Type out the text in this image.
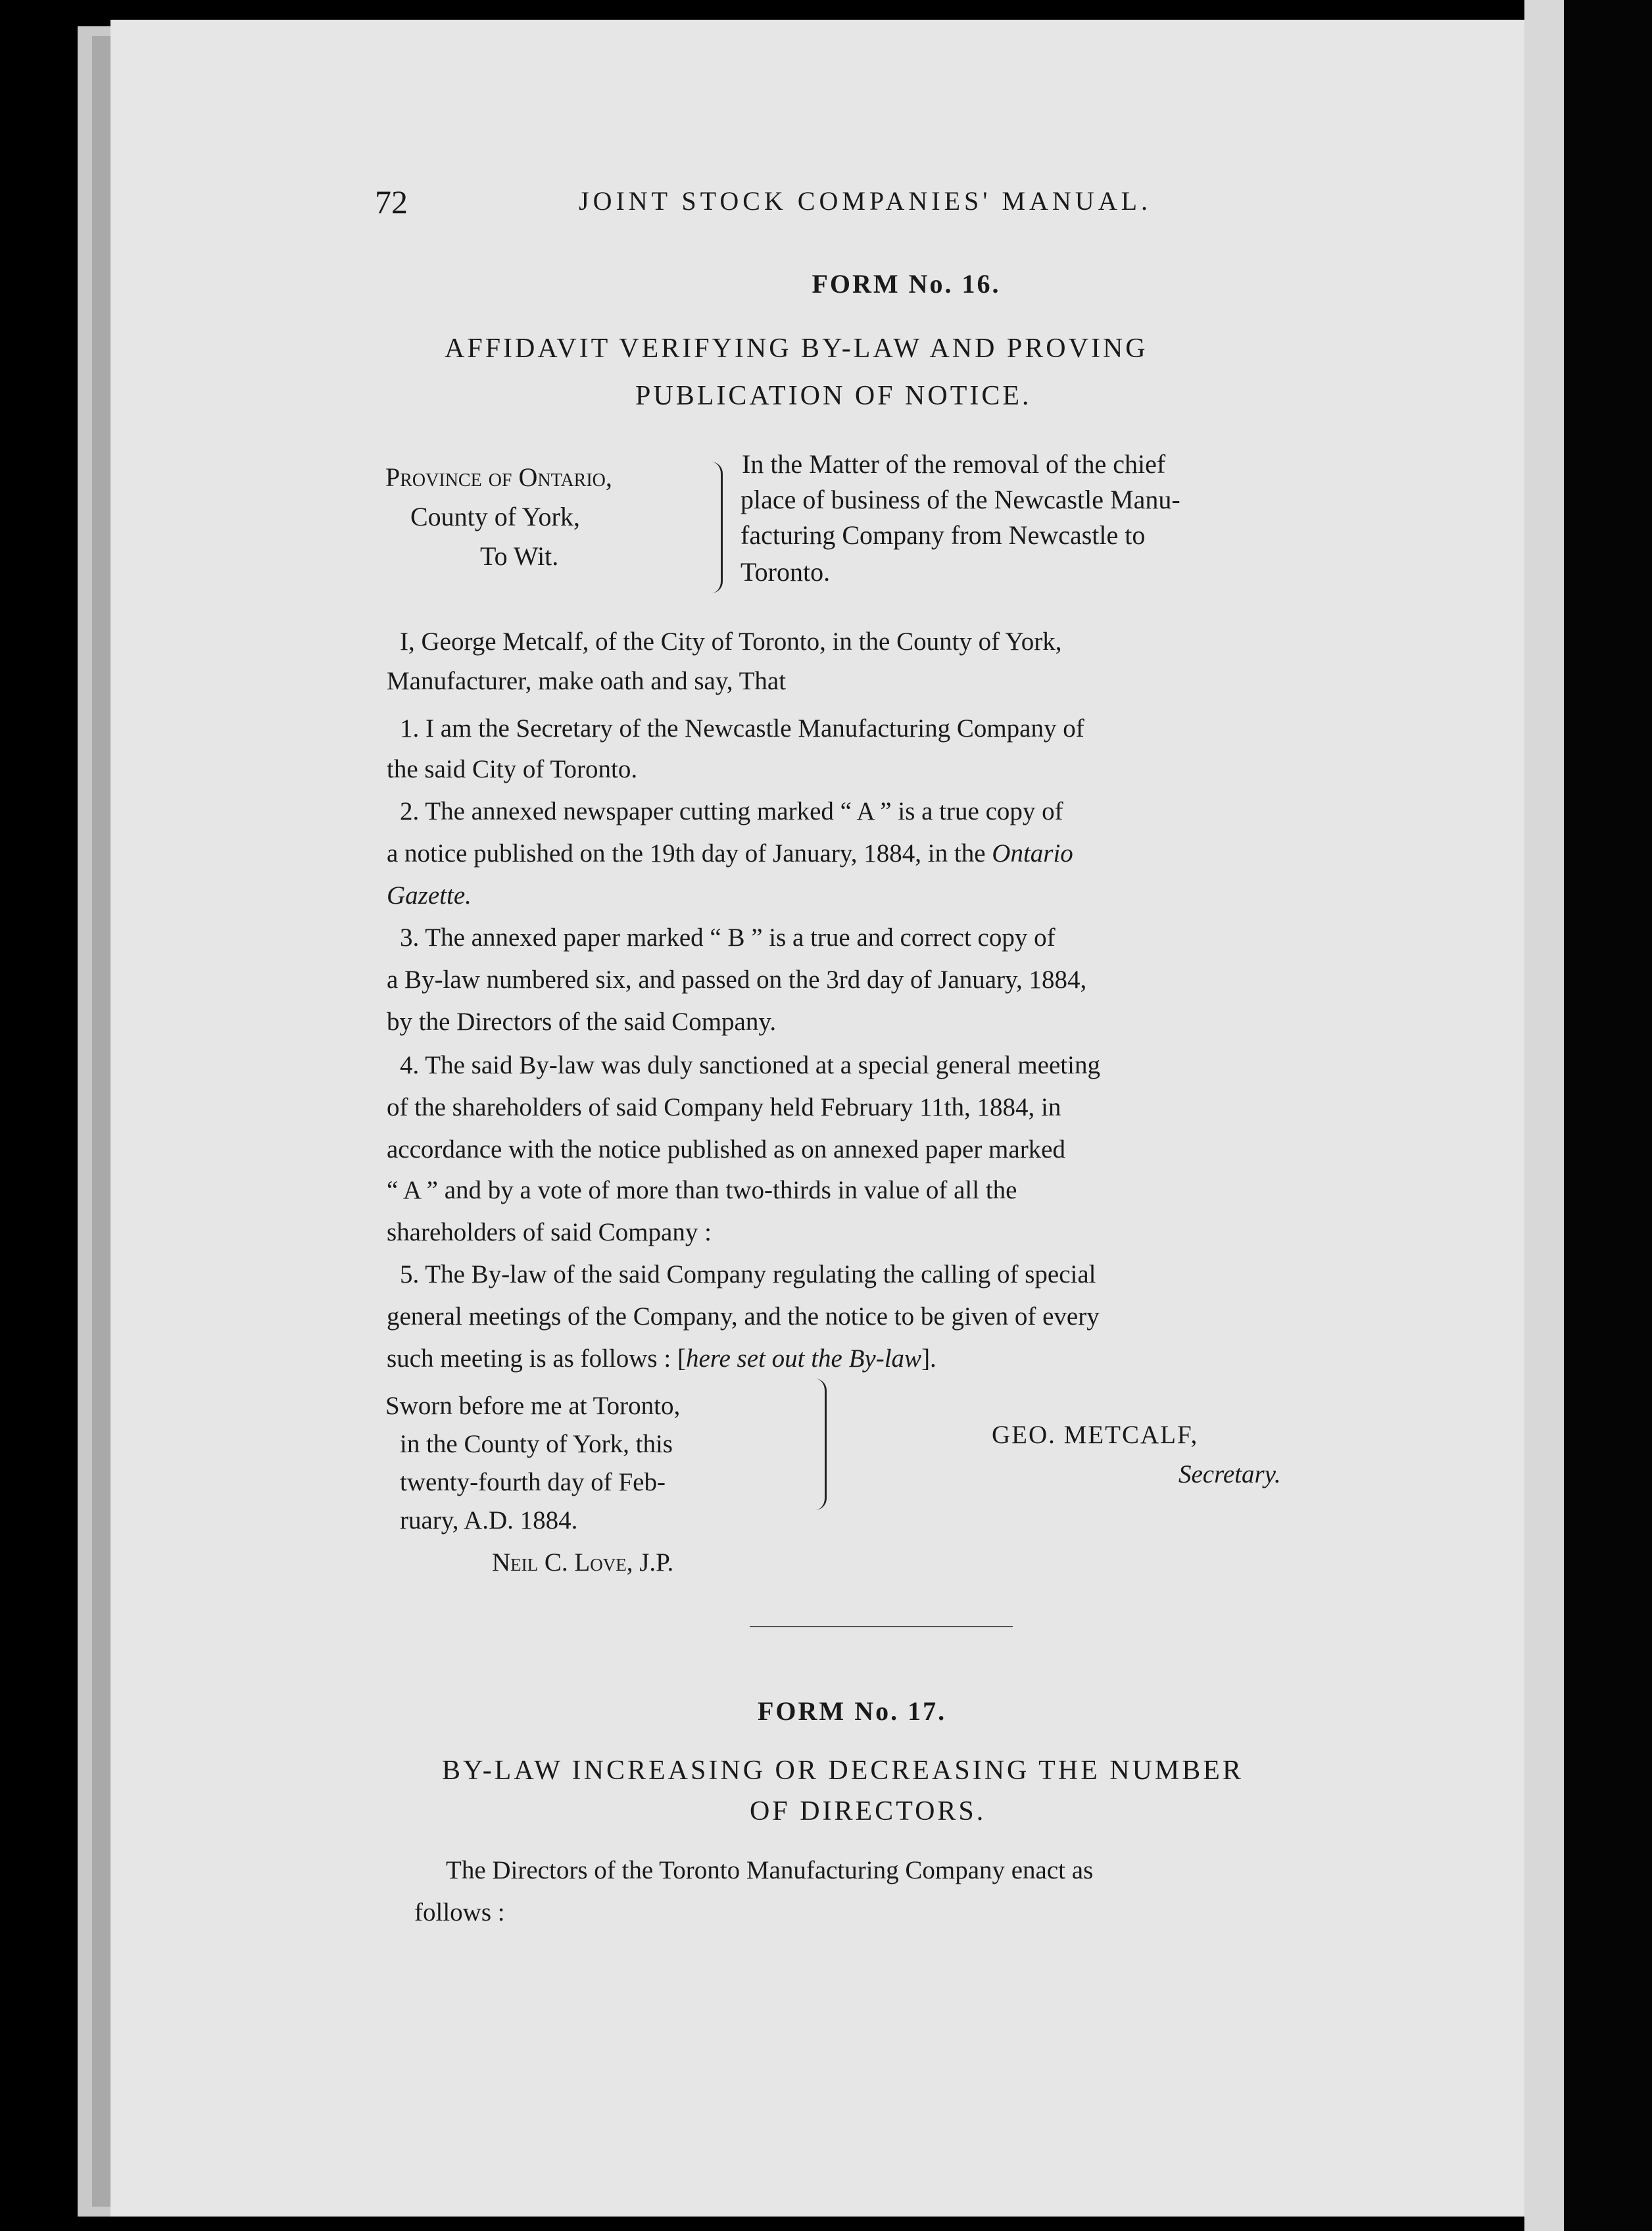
72	JOINT STOCK COMPANIES' MANUAL.
FORM No. 16.
AFFIDAVIT VERIFYING BY-LAW AND PROVING
PUBLICATION OF NOTICE.
Province of Ontario,
County of York,
To Wit.
In the Matter of the removal of the chief
place of business of the Newcastle Manu-
facturing Company from Newcastle to
Toronto.
I, George Metcalf, of the City of Toronto, in the County of York,
Manufacturer, make oath and say, That
1. I am the Secretary of the Newcastle Manufacturing Company of
the said City of Toronto.
2. The annexed newspaper cutting marked “ A ” is a true copy of
a notice published on the 19th day of January, 1884, in the Ontario
Gazette.
3. The annexed paper marked “ B ” is a true and correct copy of
a By-law numbered six, and passed on the 3rd day of January, 1884,
by the Directors of the said Company.
4. The said By-law was duly sanctioned at a special general meeting
of the shareholders of said Company held February 11th, 1884, in
accordance with the notice published as on annexed paper marked
“ A ” and by a vote of more than two-thirds in value of all the
shareholders of said Company :
5. The By-law of the said Company regulating the calling of special
general meetings of the Company, and the notice to be given of every
such meeting is as follows : [here set out the By-law].
Sworn before me at Toronto,
in the County of York, this
twenty-fourth day of Feb-
ruary, A.D. 1884.
Neil C. Love, J.P.
GEO. METCALF,
Secretary.
FORM No. 17.
BY-LAW INCREASING OR DECREASING THE NUMBER
OF DIRECTORS.
The Directors of the Toronto Manufacturing Company enact as
follows :
